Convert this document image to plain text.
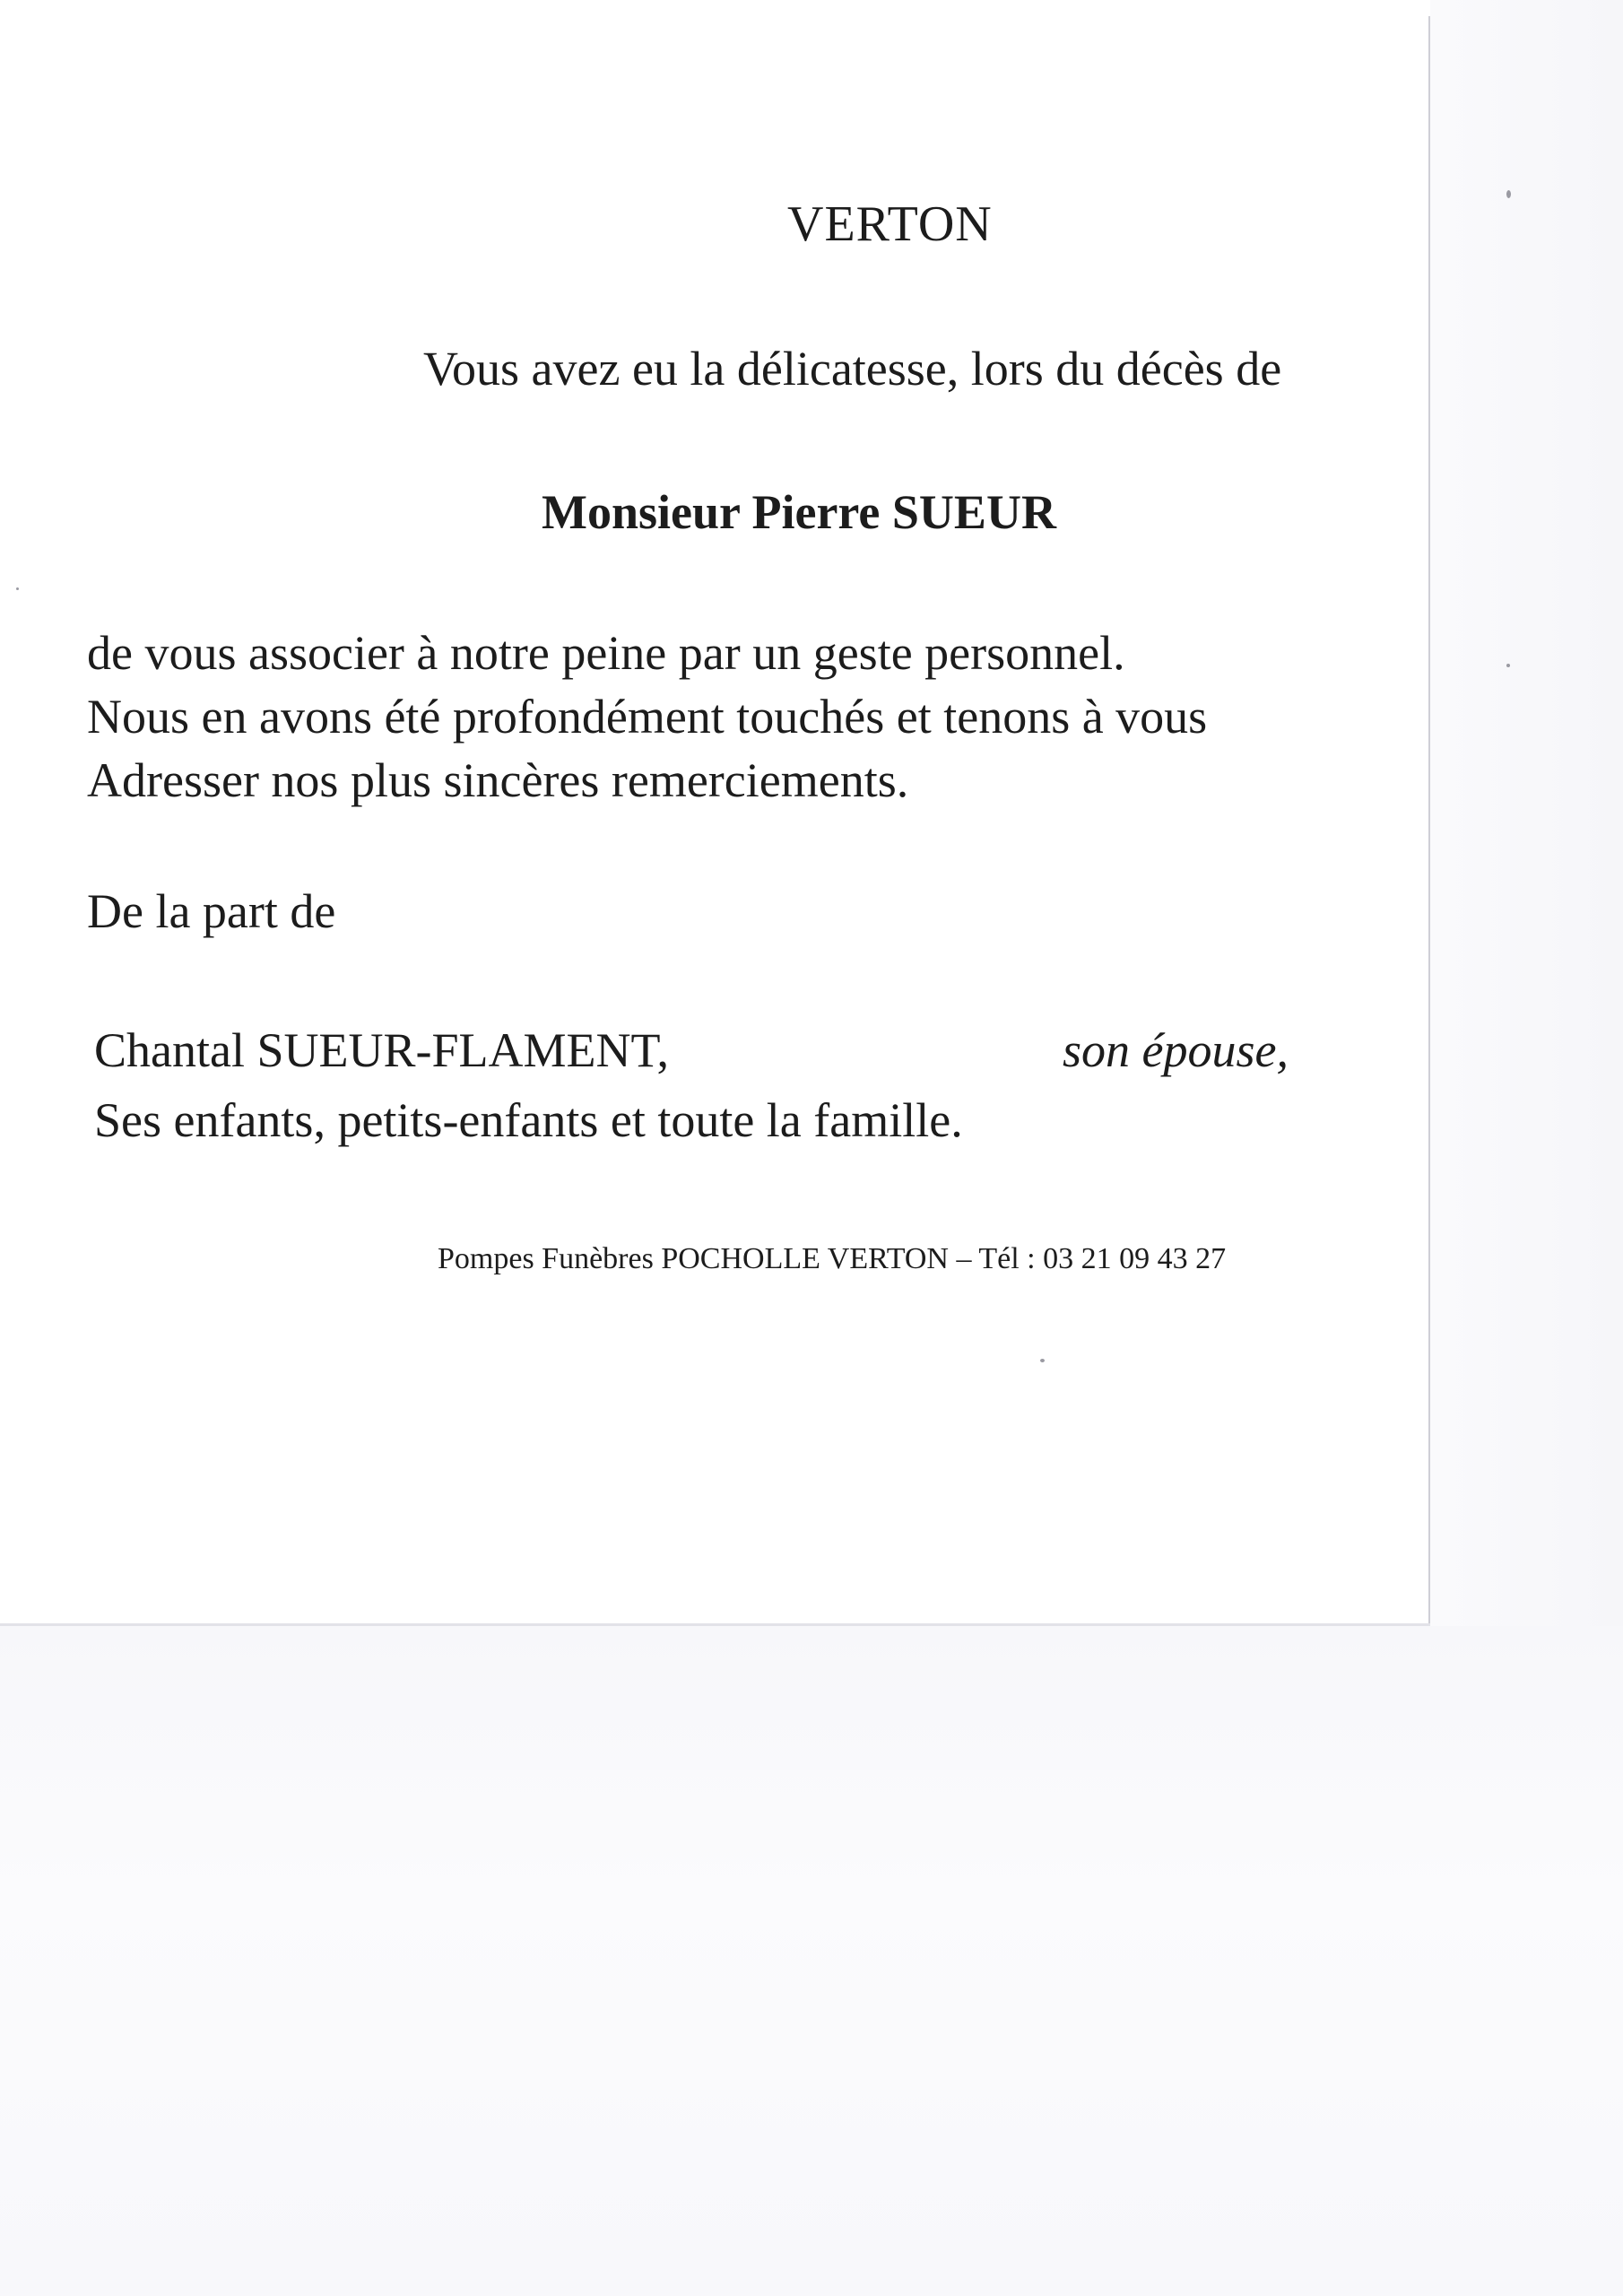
VERTON

Vous avez eu la délicatesse, lors du décès de

Monsieur Pierre SUEUR

de vous associer à notre peine par un geste personnel.

Nous en avons été profondément touchés et tenons à vous

Adresser nos plus sincères remerciements.

De la part de

Chantal SUEUR-FLAMENT,	son épouse,

Ses enfants, petits-enfants et toute la famille.

Pompes Funèbres POCHOLLE VERTON – Tél : 03 21 09 43 27
